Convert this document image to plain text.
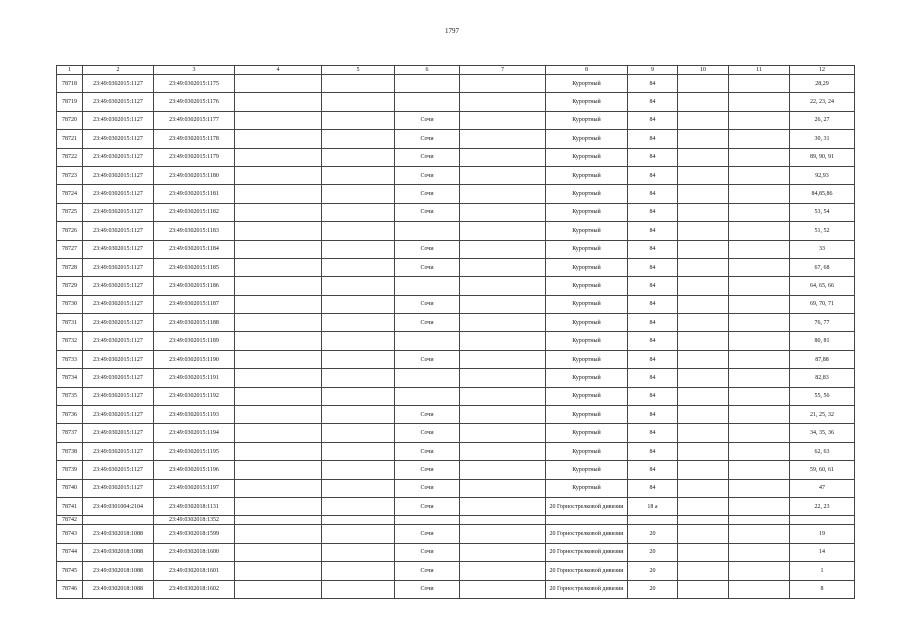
1797
1	2	3	4	5	6	7	8	9	10	11	12
78718	23:49:0302015:1127	23:49:0302015:1175					Курортный	84			28,29
78719	23:49:0302015:1127	23:49:0302015:1176					Курортный	84			22, 23, 24
78720	23:49:0302015:1127	23:49:0302015:1177			Сочи		Курортный	84			26, 27
78721	23:49:0302015:1127	23:49:0302015:1178			Сочи		Курортный	84			30, 31
78722	23:49:0302015:1127	23:49:0302015:1179			Сочи		Курортный	84			89, 90, 91
78723	23:49:0302015:1127	23:49:0302015:1180			Сочи		Курортный	84			92,93
78724	23:49:0302015:1127	23:49:0302015:1181			Сочи		Курортный	84			84,85,86
78725	23:49:0302015:1127	23:49:0302015:1182			Сочи		Курортный	84			53, 54
78726	23:49:0302015:1127	23:49:0302015:1183					Курортный	84			51, 52
78727	23:49:0302015:1127	23:49:0302015:1184			Сочи		Курортный	84			33
78728	23:49:0302015:1127	23:49:0302015:1185			Сочи		Курортный	84			67, 68
78729	23:49:0302015:1127	23:49:0302015:1186					Курортный	84			64, 65, 66
78730	23:49:0302015:1127	23:49:0302015:1187			Сочи		Курортный	84			69, 70, 71
78731	23:49:0302015:1127	23:49:0302015:1188			Сочи		Курортный	84			76, 77
78732	23:49:0302015:1127	23:49:0302015:1189					Курортный	84			80, 81
78733	23:49:0302015:1127	23:49:0302015:1190			Сочи		Курортный	84			87,88
78734	23:49:0302015:1127	23:49:0302015:1191					Курортный	84			82,83
78735	23:49:0302015:1127	23:49:0302015:1192					Курортный	84			55, 56
78736	23:49:0302015:1127	23:49:0302015:1193			Сочи		Курортный	84			21, 25, 32
78737	23:49:0302015:1127	23:49:0302015:1194			Сочи		Курортный	84			34, 35, 36
78738	23:49:0302015:1127	23:49:0302015:1195			Сочи		Курортный	84			62, 63
78739	23:49:0302015:1127	23:49:0302015:1196			Сочи		Курортный	84			59, 60, 61
78740	23:49:0302015:1127	23:49:0302015:1197			Сочи		Курортный	84			47
78741	23:49:0301004:2104	23:49:0302018:1131			Сочи		20 Горнострелковой дивизии	18 а			22, 23
78742		23:49:0302018:1352									
78743	23:49:0302018:1088	23:49:0302018:1599			Сочи		20 Горнострелковой дивизии	20			19
78744	23:49:0302018:1088	23:49:0302018:1600			Сочи		20 Горнострелковой дивизии	20			14
78745	23:49:0302018:1088	23:49:0302018:1601			Сочи		20 Горнострелковой дивизии	20			1
78746	23:49:0302018:1088	23:49:0302018:1602			Сочи		20 Горнострелковой дивизии	20			8
